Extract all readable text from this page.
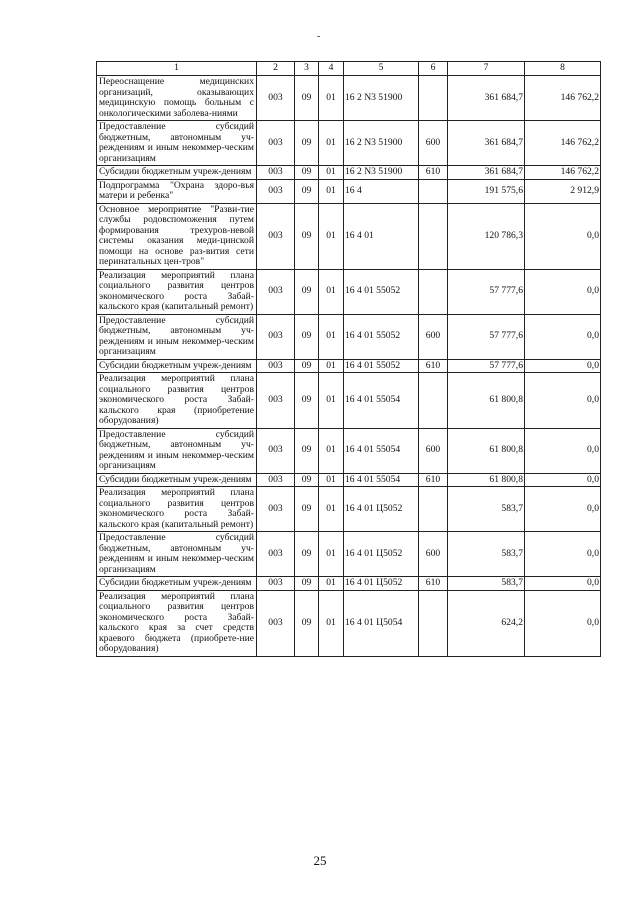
-
1	2	3	4	5	6	7	8
Переоснащение медицинских организаций, оказывающих медицинскую помощь больным с онкологическими заболева-ниями	003	09	01	16 2 N3 51900		361 684,7	146 762,2
Предоставление субсидий бюджетным, автономным уч-реждениям и иным некоммер-ческим организациям	003	09	01	16 2 N3 51900	600	361 684,7	146 762,2
Субсидии бюджетным учреж-дениям	003	09	01	16 2 N3 51900	610	361 684,7	146 762,2
Подпрограмма "Охрана здоро-вья матери и ребенка"	003	09	01	16 4		191 575,6	2 912,9
Основное мероприятие "Разви-тие службы родовспоможения путем формирования трехуров-невой системы оказания меди-цинской помощи на основе раз-вития сети перинатальных цен-тров"	003	09	01	16 4 01		120 786,3	0,0
Реализация мероприятий плана социального развития центров экономического роста Забай-кальского края (капитальный ремонт)	003	09	01	16 4 01 55052		57 777,6	0,0
Предоставление субсидий бюджетным, автономным уч-реждениям и иным некоммер-ческим организациям	003	09	01	16 4 01 55052	600	57 777,6	0,0
Субсидии бюджетным учреж-дениям	003	09	01	16 4 01 55052	610	57 777,6	0,0
Реализация мероприятий плана социального развития центров экономического роста Забай-кальского края (приобретение оборудования)	003	09	01	16 4 01 55054		61 800,8	0,0
Предоставление субсидий бюджетным, автономным уч-реждениям и иным некоммер-ческим организациям	003	09	01	16 4 01 55054	600	61 800,8	0,0
Субсидии бюджетным учреж-дениям	003	09	01	16 4 01 55054	610	61 800,8	0,0
Реализация мероприятий плана социального развития центров экономического роста Забай-кальского края (капитальный ремонт)	003	09	01	16 4 01 Ц5052		583,7	0,0
Предоставление субсидий бюджетным, автономным уч-реждениям и иным некоммер-ческим организациям	003	09	01	16 4 01 Ц5052	600	583,7	0,0
Субсидии бюджетным учреж-дениям	003	09	01	16 4 01 Ц5052	610	583,7	0,0
Реализация мероприятий плана социального развития центров экономического роста Забай-кальского края за счет средств краевого бюджета (приобрете-ние оборудования)	003	09	01	16 4 01 Ц5054		624,2	0,0
25
